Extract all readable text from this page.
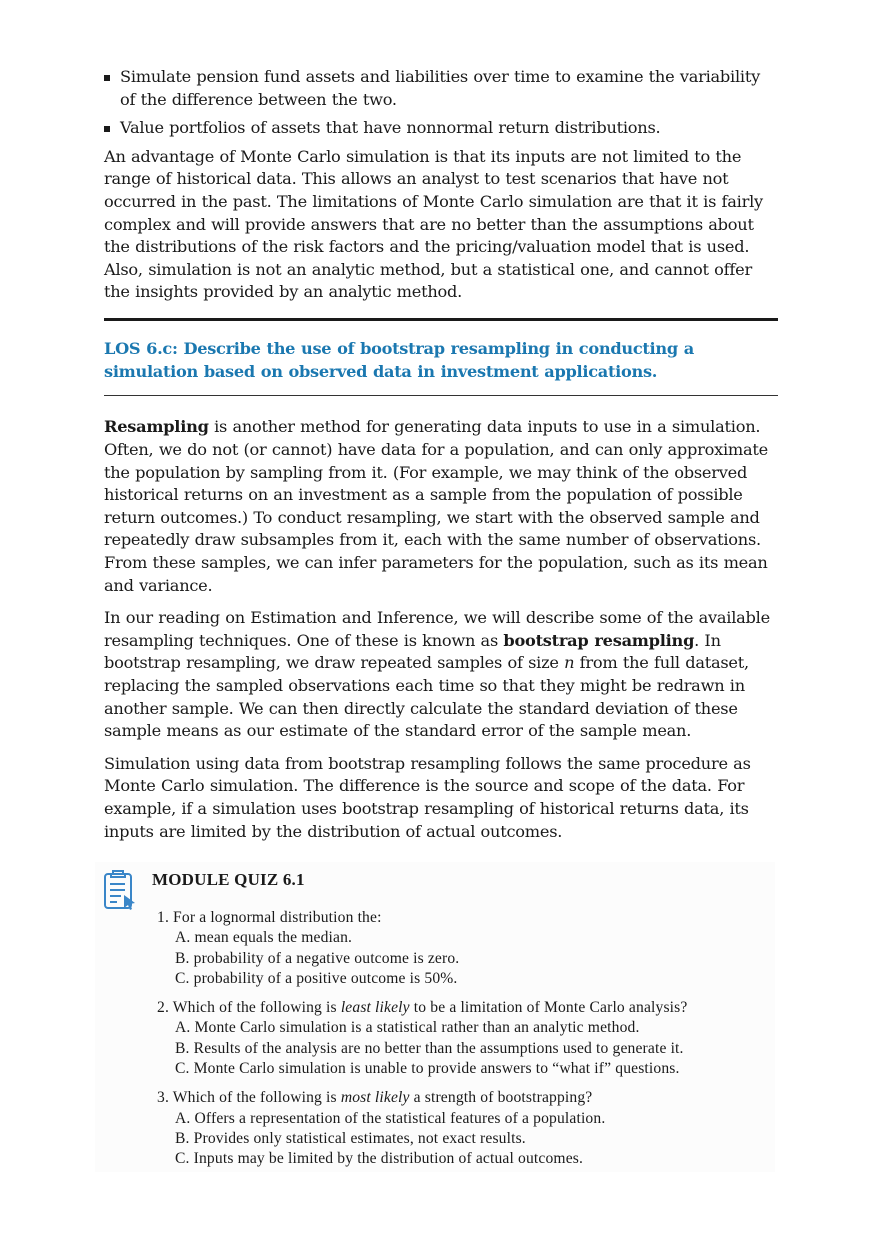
Simulate pension fund assets and liabilities over time to examine the variability of the difference between the two.
Value portfolios of assets that have nonnormal return distributions.

An advantage of Monte Carlo simulation is that its inputs are not limited to the range of historical data. This allows an analyst to test scenarios that have not occurred in the past. The limitations of Monte Carlo simulation are that it is fairly complex and will provide answers that are no better than the assumptions about the distributions of the risk factors and the pricing/valuation model that is used. Also, simulation is not an analytic method, but a statistical one, and cannot offer the insights provided by an analytic method.

LOS 6.c: Describe the use of bootstrap resampling in conducting a simulation based on observed data in investment applications.

Resampling is another method for generating data inputs to use in a simulation. Often, we do not (or cannot) have data for a population, and can only approximate the population by sampling from it. (For example, we may think of the observed historical returns on an investment as a sample from the population of possible return outcomes.) To conduct resampling, we start with the observed sample and repeatedly draw subsamples from it, each with the same number of observations. From these samples, we can infer parameters for the population, such as its mean and variance.

In our reading on Estimation and Inference, we will describe some of the available resampling techniques. One of these is known as bootstrap resampling. In bootstrap resampling, we draw repeated samples of size n from the full dataset, replacing the sampled observations each time so that they might be redrawn in another sample. We can then directly calculate the standard deviation of these sample means as our estimate of the standard error of the sample mean.

Simulation using data from bootstrap resampling follows the same procedure as Monte Carlo simulation. The difference is the source and scope of the data. For example, if a simulation uses bootstrap resampling of historical returns data, its inputs are limited by the distribution of actual outcomes.

MODULE QUIZ 6.1
1. For a lognormal distribution the:
A. mean equals the median.
B. probability of a negative outcome is zero.
C. probability of a positive outcome is 50%.
2. Which of the following is least likely to be a limitation of Monte Carlo analysis?
A. Monte Carlo simulation is a statistical rather than an analytic method.
B. Results of the analysis are no better than the assumptions used to generate it.
C. Monte Carlo simulation is unable to provide answers to “what if” questions.
3. Which of the following is most likely a strength of bootstrapping?
A. Offers a representation of the statistical features of a population.
B. Provides only statistical estimates, not exact results.
C. Inputs may be limited by the distribution of actual outcomes.
